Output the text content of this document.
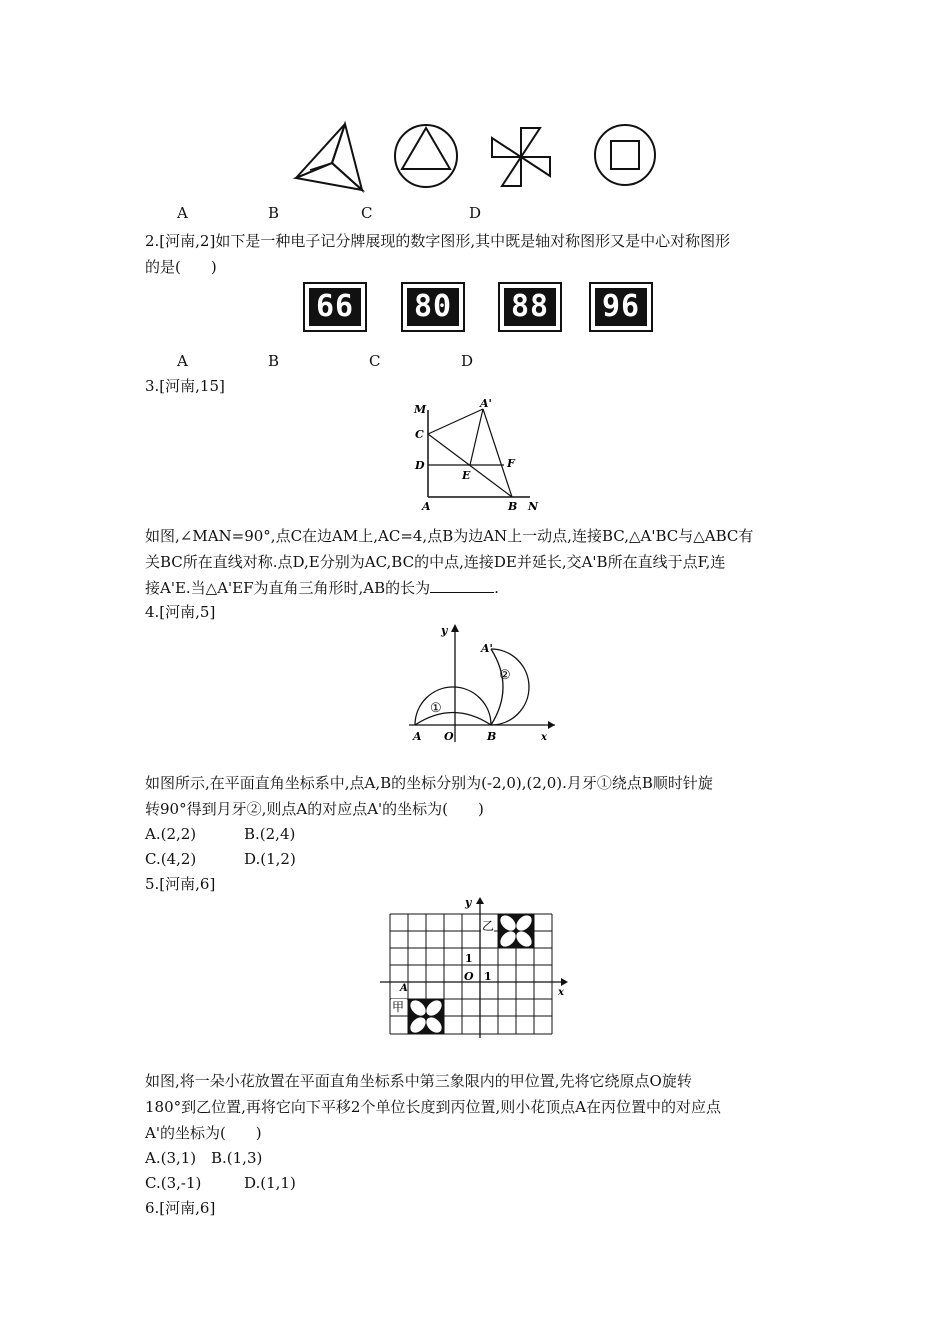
A	B	C	D
2.[河南,2]如下是一种电子记分牌展现的数字图形,其中既是轴对称图形又是中心对称图形
的是(　　)
66 80 88 96
A	B	C	D
3.[河南,15]
M	A'
C
D	F
E
A	B N
如图,∠MAN=90°,点C在边AM上,AC=4,点B为边AN上一动点,连接BC,△A'BC与△ABC有
关BC所在直线对称.点D,E分别为AC,BC的中点,连接DE并延长,交A'B所在直线于点F,连
接A'E.当△A'EF为直角三角形时,AB的长为	.
4.[河南,5]
y
A'
②
①
A O	B	x
如图所示,在平面直角坐标系中,点A,B的坐标分别为(-2,0),(2,0).月牙①绕点B顺时针旋
转90°得到月牙②,则点A的对应点A'的坐标为(　　)
A.(2,2)	B.(2,4)
C.(4,2)	D.(1,2)
5.[河南,6]
y
乙
1
O 1
x
A
甲
如图,将一朵小花放置在平面直角坐标系中第三象限内的甲位置,先将它绕原点O旋转
180°到乙位置,再将它向下平移2个单位长度到丙位置,则小花顶点A在丙位置中的对应点
A'的坐标为(　　)
A.(3,1) B.(1,3)
C.(3,-1)	D.(1,1)
6.[河南,6]
